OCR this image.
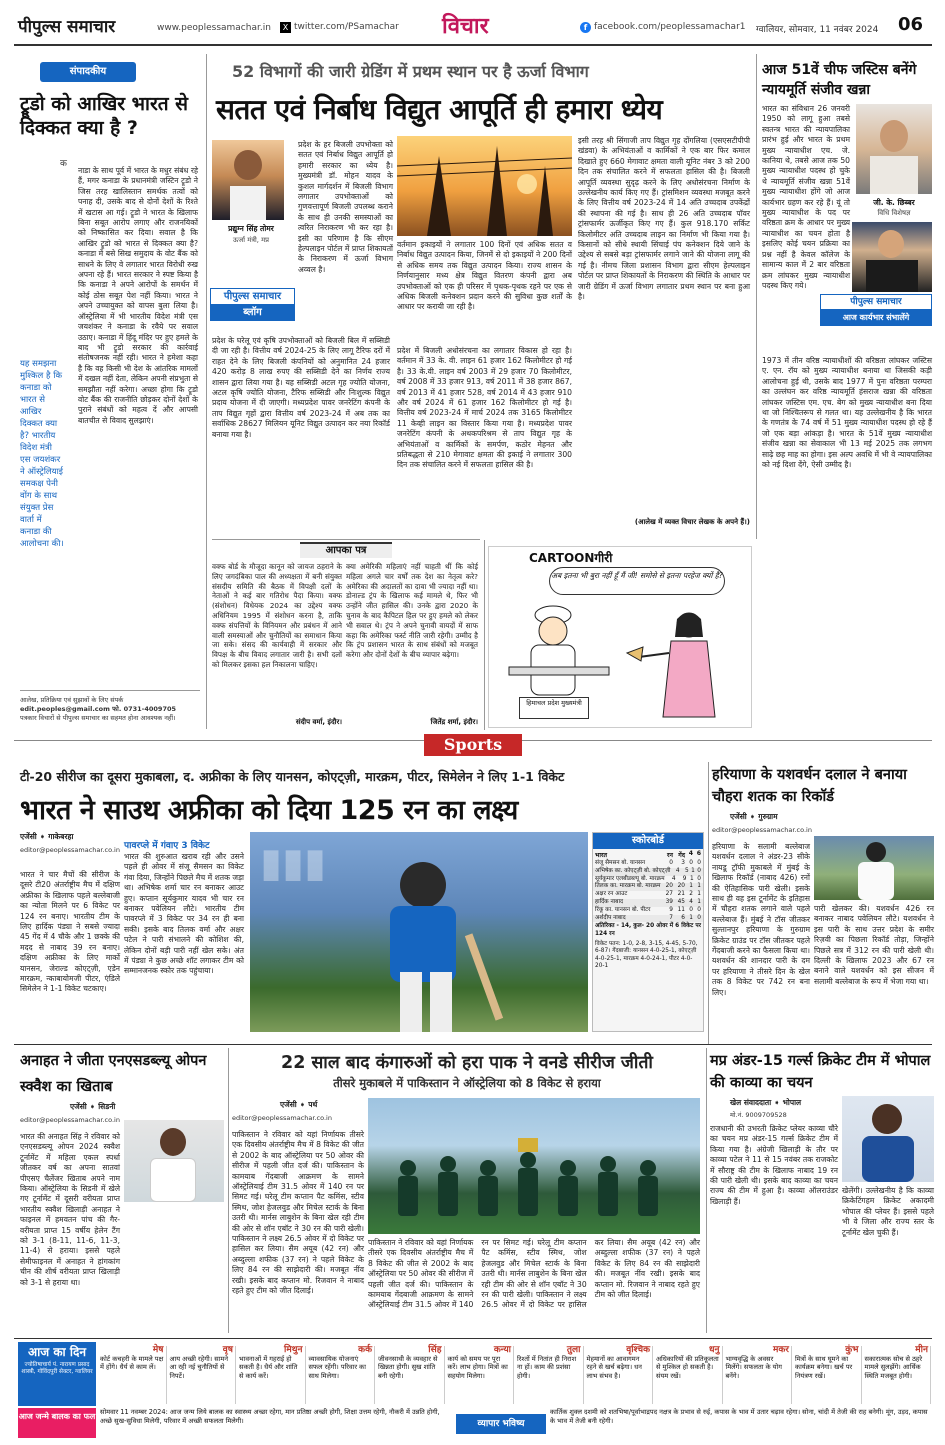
पीपुल्स समाचार	www.peoplessamachar.in	X twitter.com/PSamachar विचार	f facebook.com/peoplessamachar1 ग्वालियर, सोमवार, 11 नवंबर 2024 06
संपादकीय
ट्रूडो को आखिर भारत से दिक्कत क्या है ?
क
यह समझना मुश्किल है कि कनाडा को भारत से आखिर दिक्कत क्या है? भारतीय विदेश मंत्री एस जयशंकर ने ऑस्ट्रेलियाई समकक्ष पेनी वोंग के साथ संयुक्त प्रेस वार्ता में कनाडा की आलोचना की।
नाडा के साथ पूर्व में भारत के मधुर संबंध रहे हैं, मगर कनाडा के प्रधानमंत्री जस्टिन ट्रूडो ने जिस तरह खालिस्तान समर्थक तत्वों को पनाह दी, उसके बाद से दोनों देशों के रिश्ते में खटास आ गई। ट्रूडो ने भारत के खिलाफ बिना सबूत आरोप लगाए और राजनयिकों को निष्कासित कर दिया। सवाल है कि आखिर ट्रूडो को भारत से दिक्कत क्या है? कनाडा में बसे सिख समुदाय के वोट बैंक को साधने के लिए वे लगातार भारत विरोधी रुख अपना रहे हैं। भारत सरकार ने स्पष्ट किया है कि कनाडा ने अपने आरोपों के समर्थन में कोई ठोस सबूत पेश नहीं किया। भारत ने अपने उच्चायुक्त को वापस बुला लिया है। ऑस्ट्रेलिया में भी भारतीय विदेश मंत्री एस जयशंकर ने कनाडा के रवैये पर सवाल उठाए। कनाडा में हिंदू मंदिर पर हुए हमले के बाद भी ट्रूडो सरकार की कार्रवाई संतोषजनक नहीं रही। भारत ने हमेशा कहा है कि वह किसी भी देश के आंतरिक मामलों में दखल नहीं देता, लेकिन अपनी संप्रभुता से समझौता नहीं करेगा। अच्छा होगा कि ट्रूडो वोट बैंक की राजनीति छोड़कर दोनों देशों के पुराने संबंधों को महत्व दें और आपसी बातचीत से विवाद सुलझाएं।
आलेख, प्रतिक्रिया एवं सुझावों के लिए संपर्क
edit.peoples@gmail.com फो. 0731-4009705
पत्रकार विचारों से पीपुल्स समाचार का सहमत होना आवश्यक नहीं।
52 विभागों की जारी ग्रेडिंग में प्रथम स्थान पर है ऊर्जा विभाग
सतत एवं निर्बाध विद्युत आपूर्ति ही हमारा ध्येय
प्रद्युम्न सिंह तोमर
ऊर्जा मंत्री, मप्र
पीपुल्स समाचार
ब्लॉग
प्रदेश के हर बिजली उपभोक्ता को सतत एवं निर्बाध विद्युत आपूर्ति हो हमारी सरकार का ध्येय है। मुख्यमंत्री डॉ. मोहन यादव के कुशल मार्गदर्शन में बिजली विभाग लगातार उपभोक्ताओं को गुणवत्तापूर्ण बिजली उपलब्ध कराने के साथ ही उनकी समस्याओं का त्वरित निराकरण भी कर रहा है। इसी का परिणाम है कि सीएम हेल्पलाइन पोर्टल में प्राप्त शिकायतों के निराकरण में ऊर्जा विभाग अव्वल है।
प्रदेश के घरेलू एवं कृषि उपभोक्ताओं को बिजली बिल में सब्सिडी दी जा रही है। वित्तीय वर्ष 2024-25 के लिए लागू टैरिफ दरों में राहत देने के लिए बिजली कंपनियों को अनुमानित 24 हजार 420 करोड़ 8 लाख रुपए की सब्सिडी देने का निर्णय राज्य शासन द्वारा लिया गया है। यह सब्सिडी अटल गृह ज्योति योजना, अटल कृषि ज्योति योजना, टैरिफ सब्सिडी और निःशुल्क विद्युत प्रदाय योजना में दी जाएगी। मध्यप्रदेश पावर जनरेटिंग कंपनी के ताप विद्युत गृहों द्वारा वित्तीय वर्ष 2023-24 में अब तक का सर्वाधिक 28627 मिलियन यूनिट विद्युत उत्पादन कर नया रिकॉर्ड बनाया गया है।
वर्तमान इकाइयों ने लगातार 100 दिनों एवं अधिक सतत व निर्बाध विद्युत उत्पादन किया, जिनमें से दो इकाइयों ने 200 दिनों से अधिक समय तक विद्युत उत्पादन किया। राज्य शासन के निर्णयानुसार मध्य क्षेत्र विद्युत वितरण कंपनी द्वारा अब उपभोक्ताओं को एक ही परिसर में पृथक-पृथक रहने पर एक से अधिक बिजली कनेक्शन प्रदान करने की सुविधा कुछ शर्तों के आधार पर करायी जा रही है।
प्रदेश में बिजली अधोसंरचना का लगातार विकास हो रहा है। वर्तमान में 33 के. वी. लाइन 61 हजार 162 किलोमीटर हो गई है। 33 के.वी. लाइन वर्ष 2003 में 29 हजार 70 किलोमीटर, वर्ष 2008 में 33 हजार 913, वर्ष 2011 में 38 हजार 867, वर्ष 2013 में 41 हजार 528, वर्ष 2014 में 43 हजार 910 और वर्ष 2024 में 61 हजार 162 किलोमीटर हो गई है। वित्तीय वर्ष 2023-24 में मार्च 2024 तक 3165 किलोमीटर 11 केव्ही लाइन का विस्तार किया गया है। मध्यप्रदेश पावर जनरेटिंग कंपनी के अथकपरिश्रम से ताप विद्युत गृह के अभियंताओं व कार्मिकों के समर्पण, कठोर मेहनत और प्रतिबद्धता से 210 मेगावाट क्षमता की इकाई ने लगातार 300 दिन तक संचालित करने में सफलता हासिल की है।
इसी तरह श्री सिंगाजी ताप विद्युत गृह दोंगलिया (एसएसटीपीपी खंडवा) के अभियंताओं व कार्मिकों ने एक बार फिर कमाल दिखाते हुए 660 मेगावाट क्षमता वाली यूनिट नंबर 3 को 200 दिन तक संचालित करने में सफलता हासिल की है। बिजली आपूर्ति व्यवस्था सुदृढ़ करने के लिए अधोसंरचना निर्माण के उल्लेखनीय कार्य किए गए हैं। ट्रांसमिशन व्यवस्था मजबूत करने के लिए वित्तीय वर्ष 2023-24 में 14 अति उच्चदाब उपकेंद्रों की स्थापना की गई है। साथ ही 26 अति उच्चदाब पॉवर ट्रांसफार्मर ऊर्जीकृत किए गए हैं। कुल 918.170 सर्किट किलोमीटर अति उच्चदाब लाइन का निर्माण भी किया गया है। किसानों को सीधे स्थायी सिंचाई पंप कनेक्शन दिये जाने के उद्देश्य से सबसे बड़ा ट्रांसफार्मर लगाने जाने की योजना लागू की गई है। नीमच जिला प्रशासन विभाग द्वारा सीएम हेल्पलाइन पोर्टल पर प्राप्त शिकायतों के निराकरण की स्थिति के आधार पर जारी ग्रेडिंग में ऊर्जा विभाग लगातार प्रथम स्थान पर बना हुआ है।
(आलेख में व्यक्त विचार लेखक के अपने हैं।)
आज 51वें चीफ जस्टिस बनेंगे न्यायमूर्ति संजीव खन्ना
भारत का संविधान 26 जनवरी 1950 को लागू हुआ तबसे स्वतन्त्र भारत की न्यायपालिका प्रारंभ हुई और भारत के प्रथम मुख्य न्यायाधीश एच. जे. कानिया थे, तबसे आज तक 50 मुख्य न्यायाधीश पदस्थ हो चुके थे न्यायमूर्ति संजीव खन्ना 51वें मुख्य न्यायाधीश होंगे जो आज कार्यभार ग्रहण कर रहे हैं। यूं तो मुख्य न्यायाधीश के पद पर वरिष्ठता क्रम के आधार पर मुख्य न्यायाधीश का चयन होता है इसलिए कोई चयन प्रक्रिया का प्रश्न नहीं है केवल कॉलेज के सामान्य काल में 2 बार वरिष्ठता क्रम लांघकर मुख्य न्यायाधीश पदस्थ किए गये।
जी. के. छिब्बर
विधि विशेषज्ञ
पीपुल्स समाचार
आज कार्यभार संभालेंगे
1973 में तीन वरिष्ठ न्यायाधीशों की वरिष्ठता लांघकर जस्टिस ए. एन. रॉय को मुख्य न्यायाधीश बनाया था जिसकी कड़ी आलोचना हुई थी, उसके बाद 1977 में पुनः वरिष्ठता परम्परा का उल्लंघन कर वरिष्ठ न्यायमूर्ति हंसराज खन्ना की वरिष्ठता लांघकर जस्टिस एम. एच. बेग को मुख्य न्यायाधीश बना दिया था जो निश्चितरूप से गलत था। यह उल्लेखनीय है कि भारत के गणतंत्र के 74 वर्ष में 51 मुख्य न्यायाधीश पदस्थ हो रहे हैं जो एक बड़ा आंकड़ा है। भारत के 51वें मुख्य न्यायाधीश संजीव खन्ना का सेवाकाल भी 13 मई 2025 तक लगभग साढ़े छह माह का होगा। इस अल्प अवधि में भी वे न्यायपालिका को नई दिशा देंगे, ऐसी उम्मीद है।
आपका पत्र
वक्फ बोर्ड के मौजूदा कानून को जायज ठहराने के लिए जगदंबिका पाल की अध्यक्षता में बनी संयुक्त संसदीय समिति की बैठक में विपक्षी दलों के नेताओं ने कई बार गतिरोध पैदा किया। वक्फ (संशोधन) विधेयक 2024 का उद्देश्य वक्फ अधिनियम 1995 में संशोधन करना है, ताकि वक्फ संपत्तियों के विनियमन और प्रबंधन में आने वाली समस्याओं और चुनौतियों का समाधान किया जा सके। संसद की कार्यवाही में सरकार और विपक्ष के बीच विवाद लगातार जारी है। सभी दलों को मिलकर इसका हल निकालना चाहिए।
संदीप वर्मा, इंदौर।
क्या अमेरिकी महिलाएं नहीं चाहती थीं कि कोई महिला अगले चार वर्षों तक देश का नेतृत्व करे? अमेरिका की अदालतों का दावा भी ज्यादा नहीं था। डोनाल्ड ट्रंप के खिलाफ कई मामले थे, फिर भी उन्होंने जीत हासिल की। उनके द्वारा 2020 के चुनाव के बाद कैपिटल हिल पर हुए हमले को लेकर भी सवाल थे। ट्रंप ने अपने चुनावी वायदों में साफ कहा कि अमेरिका फर्स्ट नीति जारी रहेगी। उम्मीद है कि ट्रंप प्रशासन भारत के साथ संबंधों को मजबूत करेगा और दोनों देशों के बीच व्यापार बढ़ेगा।
जितेंद्र शर्मा, इंदौर।
CARTOONगीरी
अब इतना भी बुरा नहीं हूँ मैं जी! समोसे से इतना परहेज क्यों है?
हिमाचल प्रदेश मुख्यमंत्री
Sports
टी-20 सीरीज का दूसरा मुकाबला, द. अफ्रीका के लिए यानसन, कोएट्ज़ी, मारक्रम, पीटर, सिमेलेन ने लिए 1-1 विकेट
भारत ने साउथ अफ्रीका को दिया 125 रन का लक्ष्य
एजेंसी ➧ गाकेबरहा
editor@peoplessamachar.co.in
भारत ने चार मैचों की सीरीज के दूसरे टी20 अंतर्राष्ट्रीय मैच में दक्षिण अफ्रीका के खिलाफ पहले बल्लेबाजी का न्योता मिलने पर 6 विकेट पर 124 रन बनाए। भारतीय टीम के लिए हार्दिक पंड्या ने सबसे ज्यादा 45 गेंद में 4 चौके और 1 छक्के की मदद से नाबाद 39 रन बनाए। दक्षिण अफ्रीका के लिए मार्को यानसन, जेराल्ड कोएट्ज़ी, एडेन मारक्रम, न्काबायोमजी पीटर, एंडिले सिमेलेन ने 1-1 विकेट चटकाए।
पावरप्ले में गंवाए 3 विकेट
भारत की शुरुआत खराब रही और उसने पहले ही ओवर में संजू सैमसन का विकेट गंवा दिया, जिन्होंने पिछले मैच में शतक जड़ा था। अभिषेक शर्मा चार रन बनाकर आउट हुए। कप्तान सूर्यकुमार यादव भी चार रन बनाकर पवेलियन लौटे। भारतीय टीम पावरप्ले में 3 विकेट पर 34 रन ही बना सकी। इसके बाद तिलक वर्मा और अक्षर पटेल ने पारी संभालने की कोशिश की, लेकिन दोनों बड़ी पारी नहीं खेल सके। अंत में पंड्या ने कुछ अच्छे शॉट लगाकर टीम को सम्मानजनक स्कोर तक पहुंचाया।
▮▮▮	स्कोरबोर्ड
भारत	रन गेंद 4 6
संजू सैमसन बो. यानसन	0	3 0 0
अभिषेक का. कोएट्ज़ी बो. कोएट्ज़ी 4 5 1 0
सूर्यकुमार एलबीडब्ल्यू बो. मारक्रम	4	9 1 0
तिलक का. मारक्रम बो. मारक्रम 20 20 1 1
अक्षर रन आउट	27 21 2 1
हार्दिक नाबाद	39 45 4 1
रिंकू का. यानसन बो. पीटर	9 11 0 0
अर्शदीप नाबाद	7	6 1 0
अतिरिक्त - 14, कुल- 20 ओवर में 6 विकेट पर 124 रन
विकेट पतन: 1-0, 2-8, 3-15, 4-45, 5-70, 6-87। गेंदबाजी: यानसन 4-0-25-1, कोएट्ज़ी 4-0-25-1, मारक्रम 4-0-24-1, पीटर 4-0-20-1
हरियाणा के यशवर्धन दलाल ने बनाया चौहरा शतक का रिकॉर्ड
एजेंसी ➧ गुरुग्राम
editor@peoplessamachar.co.in
हरियाणा के सलामी बल्लेबाज यशवर्धन दलाल ने अंडर-23 सीके नायडू ट्रॉफी मुकाबले में मुंबई के खिलाफ रिकॉर्ड (नाबाद 426) रनों की ऐतिहासिक पारी खेली। इसके साथ ही वह इस टूर्नामेंट के इतिहास में चौहरा शतक लगाने वाले पहले बल्लेबाज हैं। मुंबई ने टॉस जीतकर सुल्तानपुर हरियाणा के गुरुग्राम क्रिकेट ग्राउंड पर टॉस जीतकर पहले गेंदबाजी करने का फैसला किया था। यशवर्धन की शानदार पारी के दम पर हरियाणा ने तीसरे दिन के खेल तक 8 विकेट पर 742 रन बना लिए।
पारी खेलकर की। यशवर्धन 426 रन बनाकर नाबाद पवेलियन लौटे। यशवर्धन ने इस पारी के साथ उत्तर प्रदेश के समीर रिज़वी का पिछला रिकॉर्ड तोड़ा, जिन्होंने पिछले सत्र में 312 रन की पारी खेली थी। दिल्ली के खिलाफ 2023 और 67 रन बनाने वाले यशवर्धन को इस सीजन में सलामी बल्लेबाज के रूप में भेजा गया था।
अनाहत ने जीता एनएसडब्ल्यू ओपन स्क्वैश का खिताब
एजेंसी ➧ सिडनी
editor@peoplessamachar.co.in
भारत की अनाहत सिंह ने रविवार को एनएसडब्ल्यू ओपन 2024 स्क्वैश टूर्नामेंट में महिला एकल स्पर्धा जीतकर वर्ष का अपना सातवां पीएसए चैलेंजर खिताब अपने नाम किया। ऑस्ट्रेलिया के सिडनी में खेले गए टूर्नामेंट में दूसरी वरीयता प्राप्त भारतीय स्क्वैश खिलाड़ी अनाहत ने फाइनल में हमवतन पांच की गैर-वरीयता प्राप्त 15 वर्षीय हेलेन टैंग को 3-1 (8-11, 11-6, 11-3, 11-4) से हराया। इससे पहले सेमीफाइनल में अनाहत ने हांगकांग चीन की शीर्ष वरीयता प्राप्त खिलाड़ी को 3-1 से हराया था।
22 साल बाद कंगारुओं को हरा पाक ने वनडे सीरीज जीती
तीसरे मुकाबले में पाकिस्तान ने ऑस्ट्रेलिया को 8 विकेट से हराया
एजेंसी ➧ पर्थ
editor@peoplessamachar.co.in
पाकिस्तान ने रविवार को यहां निर्णायक तीसरे एक दिवसीय अंतर्राष्ट्रीय मैच में 8 विकेट की जीत से 2002 के बाद ऑस्ट्रेलिया पर 50 ओवर की सीरीज में पहली जीत दर्ज की। पाकिस्तान के कामयाब गेंदबाजी आक्रमण के सामने ऑस्ट्रेलियाई टीम 31.5 ओवर में 140 रन पर सिमट गई। घरेलू टीम कप्तान पैट कमिंस, स्टीव स्मिथ, जोश हेजलवुड और मिचेल स्टार्क के बिना उतरी थी। मार्नस लाबुशेन के बिना खेल रही टीम की ओर से शॉन एबॉट ने 30 रन की पारी खेली। पाकिस्तान ने लक्ष्य 26.5 ओवर में दो विकेट पर हासिल कर लिया। सैम अयूब (42 रन) और अब्दुल्ला शफीक (37 रन) ने पहले विकेट के लिए 84 रन की साझेदारी की। मजबूत नींव रखी। इसके बाद कप्तान मो. रिजवान ने नाबाद रहते हुए टीम को जीत दिलाई।
पाकिस्तान ने रविवार को यहां निर्णायक तीसरे एक दिवसीय अंतर्राष्ट्रीय मैच में 8 विकेट की जीत से 2002 के बाद ऑस्ट्रेलिया पर 50 ओवर की सीरीज में पहली जीत दर्ज की। पाकिस्तान के कामयाब गेंदबाजी आक्रमण के सामने ऑस्ट्रेलियाई टीम 31.5 ओवर में 140 रन पर सिमट गई। घरेलू टीम कप्तान पैट कमिंस, स्टीव स्मिथ, जोश हेजलवुड और मिचेल स्टार्क के बिना उतरी थी। मार्नस लाबुशेन के बिना खेल रही टीम की ओर से शॉन एबॉट ने 30 रन की पारी खेली। पाकिस्तान ने लक्ष्य 26.5 ओवर में दो विकेट पर हासिल कर लिया। सैम अयूब (42 रन) और अब्दुल्ला शफीक (37 रन) ने पहले विकेट के लिए 84 रन की साझेदारी की। मजबूत नींव रखी। इसके बाद कप्तान मो. रिजवान ने नाबाद रहते हुए टीम को जीत दिलाई।
मप्र अंडर-15 गर्ल्स क्रिकेट टीम में भोपाल की काव्या का चयन
खेल संवाददाता ➧ भोपाल
मो.नं. 9009709528
राजधानी की उभरती क्रिकेट प्लेयर काव्या चौरे का चयन मप्र अंडर-15 गर्ल्स क्रिकेट टीम में किया गया है। अंग्रेजी खिलाड़ी के तौर पर काव्या पटेल ने 11 से 15 नवंबर तक राजकोट में सौराष्ट्र की टीम के खिलाफ नाबाद 19 रन की पारी खेली थी। इसके बाद काव्या का चयन राज्य की टीम में हुआ है। काव्या ऑलराउंडर खिलाड़ी हैं।
खेलेंगी। उल्लेखनीय है कि काव्या क्रिकेटिंगहम क्रिकेट अकादमी भोपाल की प्लेयर हैं। इससे पहले भी वे जिला और राज्य स्तर के टूर्नामेंट खेल चुकी हैं।
आज का दिन
ज्योतिषाचार्य पं. नारायण प्रसाद शास्त्री, गोविंदपुरी सेक्टर, ग्वालियर
मेष
कोर्ट कचहरी के मामले पक्ष में होंगे। धैर्य से काम लें।
वृष
आय अच्छी रहेगी। सामने आ रही नई चुनौतियों से निपटें।
मिथुन
भावनाओं में गहराई हो सकती है। धैर्य और शांति से कार्य करें।
कर्क
व्यावसायिक योजनाएं सफल रहेंगी। परिवार का साथ मिलेगा।
सिंह
जीवनसाथी के व्यवहार से खिन्नता होगी। सुख शांति बनी रहेगी।
कन्या
कार्य को समय पर पूरा करें। लाभ होगा। मित्रों का सहयोग मिलेगा।
तुला
रिश्तों में नितांत ही निराश ना हों। काम की प्रशंसा होगी।
वृश्चिक
मेहमानों का आवागमन रहने से खर्च बढ़ेगा। धन लाभ संभव है।
धनु
अधिकारियों की प्रतिकूलता से मुश्किल हो सकती है। संयम रखें।
मकर
भाग्यवृद्धि के अवसर मिलेंगे। सफलता के योग बनेंगे।
कुंभ
मित्रों के साथ घूमने का कार्यक्रम बनेगा। खर्च पर नियंत्रण रखें।
मीन
सकारात्मक सोच से ठहरे मामले सुलझेंगे। आर्थिक स्थिति मजबूत होगी।
आज जन्मे बालक का फल सोमवार 11 नवम्बर 2024: आज जन्म लिये बालक का स्वास्थ्य अच्छा रहेगा, मान प्रतिष्ठा अच्छी होगी, शिक्षा उत्तम रहेगी, नौकरी में उन्नति होगी, अच्छे सुख-सुविधा मिलेगी, परिवार में अच्छी सफलता मिलेगी।	व्यापार भविष्य
कार्तिक शुक्ल दशमी को शतभिषा/पूर्वाभाद्रपद नक्षत्र के प्रभाव से रुई, कपास के भाव में उतार चढ़ाव रहेगा। सोना, चांदी में तेजी की राह बनेगी। मूंग, उड़द, कपास के भाव में तेजी बनी रहेगी।
